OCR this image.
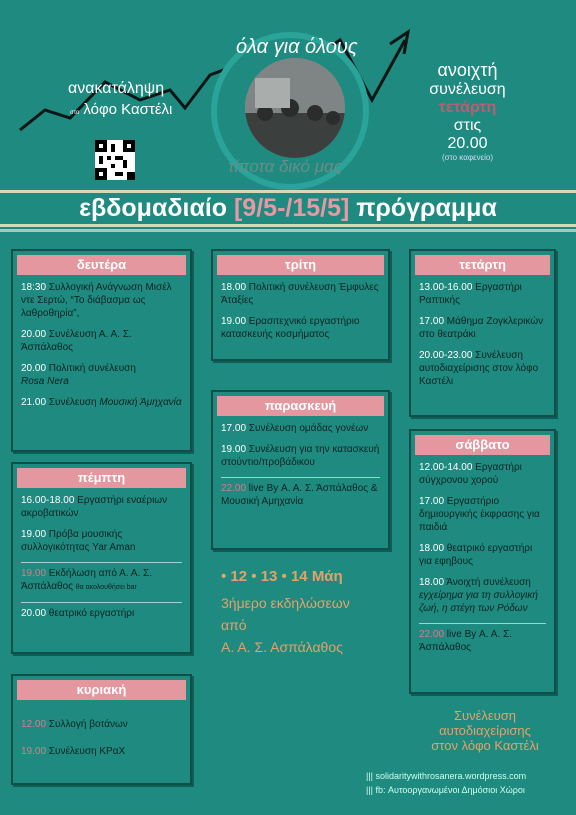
ανακατάληψη
στο λόφο Καστέλι
όλα για όλους
τίποτα δικό μας
ανοιχτή
συνέλευση
τετάρτη
στις
20.00
(στο καφενείο)
εβδομαδιαίο [9/5-/15/5] πρόγραμμα
δευτέρα
18:30 Συλλογική Ανάγνωση Μισέλ ντε Σερτώ, “Το διάβασμα ως λαθροθηρία”,
20.00 Συνέλευση Α. Α. Σ. Άσπάλαθος
20.00 Πολιτική συνέλευση
Rosa Nera
21.00 Συνέλευση Μουσική Άμηχανία
τρίτη
18.00 Πολιτική συνέλευση Έμφυλες Άταξίες
19.00 Ερασιτεχνικό εργαστήριο κατασκευής κοσμήματος
τετάρτη
13.00-16.00 Εργαστήρι Ραπτικής
17.00 Μάθημα Ζογκλερικών στο θεατράκι
20.00-23.00 Συνέλευση αυτοδιαχείρισης στον λόφο Καστέλι
παρασκευή
17.00 Συνέλευση ομάδας γονέων
19.00 Συνέλευση για την κατασκευή στούντιο/προβάδικου
22.00 live By Α. Α. Σ. Άσπάλαθος & Μουσική Αμηχανία
πέμπτη
16.00-18.00 Εργαστήρι εναέριων ακροβατικών
19.00 Πρόβα μουσικής συλλογικότητας Yar Aman
19.00 Εκδήλωση από Α. Α. Σ. Άσπάλαθος θα ακολουθήσει bar
20.00 θεατρικό εργαστήρι
σάββατο
12.00-14.00 Εργαστήρι σύγχρονου χορού
17.00 Εργαστήριο δημιουργικής έκφρασης για παιδιά
18.00 θεατρικό εργαστήρι για εφηβους
18.00 Άνοιχτή συνέλευση εγχείρημα για τη συλλογική ζωή, η στέγη των Ρόδων
22.00 live By Α. Α. Σ. Άσπάλαθος
• 12 • 13 • 14 Μάη
3ήμερο εκδηλώσεων
από
Α. Α. Σ. Ασπάλαθος
κυριακή
12.00 Συλλογή βοτάνων
19.00 Συνέλευση ΚΡαΧ
Συνέλευση
αυτοδιαχείρισης
στον λόφο Καστέλι
||| solidaritywithrosanera.wordpress.com
||| fb: Αυτοοργανωμένοι Δημόσιοι Χώροι
